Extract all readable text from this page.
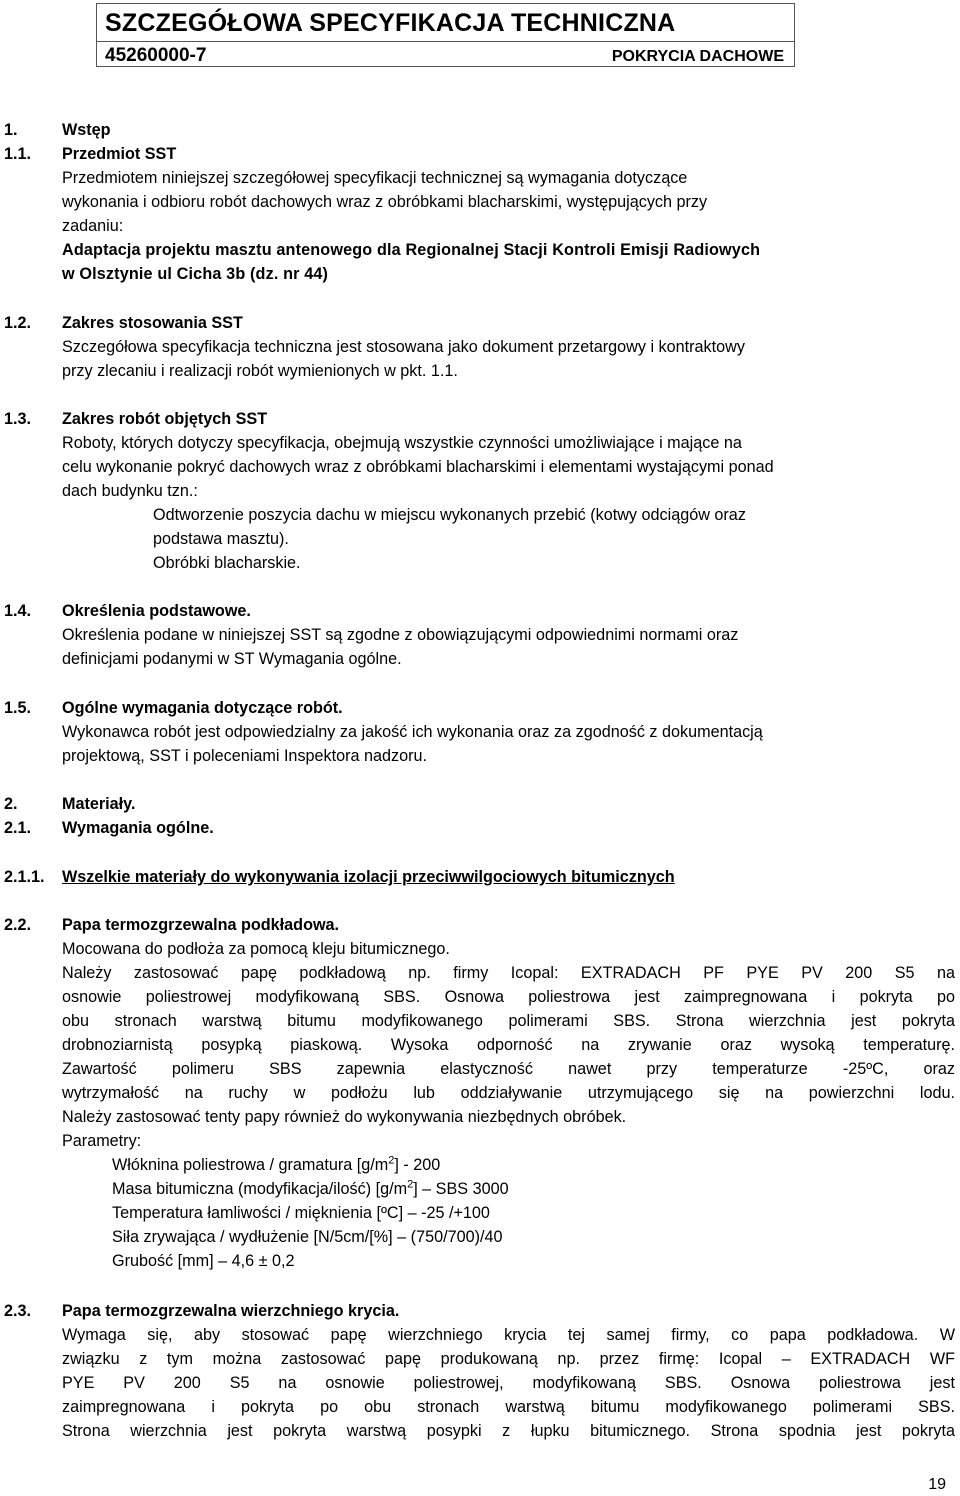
SZCZEGÓŁOWA SPECYFIKACJA TECHNICZNA
45260000-7	POKRYCIA DACHOWE
1.	Wstęp
1.1. Przedmiot SST
Przedmiotem niniejszej szczegółowej specyfikacji technicznej są wymagania dotyczące
wykonania i odbioru robót dachowych wraz z obróbkami blacharskimi, występujących przy
zadaniu:
Adaptacja projektu masztu antenowego dla Regionalnej Stacji Kontroli Emisji Radiowych
w Olsztynie ul Cicha 3b (dz. nr 44)
1.2. Zakres stosowania SST
Szczegółowa specyfikacja techniczna jest stosowana jako dokument przetargowy i kontraktowy
przy zlecaniu i realizacji robót wymienionych w pkt. 1.1.
1.3. Zakres robót objętych SST
Roboty, których dotyczy specyfikacja, obejmują wszystkie czynności umożliwiające i mające na
celu wykonanie pokryć dachowych wraz z obróbkami blacharskimi i elementami wystającymi ponad
dach budynku tzn.:
Odtworzenie poszycia dachu w miejscu wykonanych przebić (kotwy odciągów oraz
podstawa masztu).
Obróbki blacharskie.
1.4. Określenia podstawowe.
Określenia podane w niniejszej SST są zgodne z obowiązującymi odpowiednimi normami oraz
definicjami podanymi w ST Wymagania ogólne.
1.5. Ogólne wymagania dotyczące robót.
Wykonawca robót jest odpowiedzialny za jakość ich wykonania oraz za zgodność z dokumentacją
projektową, SST i poleceniami Inspektora nadzoru.
2.	Materiały.
2.1. Wymagania ogólne.
2.1.1. Wszelkie materiały do wykonywania izolacji przeciwwilgociowych bitumicznych
2.2. Papa termozgrzewalna podkładowa.
Mocowana do podłoża za pomocą kleju bitumicznego.
Należy zastosować papę podkładową np. firmy Icopal: EXTRADACH PF PYE PV 200 S5 na
osnowie poliestrowej modyfikowaną SBS. Osnowa poliestrowa jest zaimpregnowana i pokryta po
obu stronach warstwą bitumu modyfikowanego polimerami SBS. Strona wierzchnia jest pokryta
drobnoziarnistą posypką piaskową. Wysoka odporność na zrywanie oraz wysoką temperaturę.
Zawartość polimeru SBS zapewnia elastyczność nawet przy temperaturze -25ºC, oraz
wytrzymałość na ruchy w podłożu lub oddziaływanie utrzymującego się na powierzchni lodu.
Należy zastosować tenty papy również do wykonywania niezbędnych obróbek.
Parametry:
Włóknina poliestrowa / gramatura $[g/m^2] - 200$
Masa bitumiczna (modyfikacja/ilość) $[g/m^2]$ – SBS 3000
Temperatura łamliwości / mięknienia [ºC] – -25 /+100
Siła zrywająca / wydłużenie [N/5cm/[%] – (750/700)/40
Grubość [mm] – 4,6 ± 0,2
2.3. Papa termozgrzewalna wierzchniego krycia.
Wymaga się, aby stosować papę wierzchniego krycia tej samej firmy, co papa podkładowa. W
związku z tym można zastosować papę produkowaną np. przez firmę: Icopal – EXTRADACH WF
PYE PV 200 S5 na osnowie poliestrowej, modyfikowaną SBS. Osnowa poliestrowa jest
zaimpregnowana i pokryta po obu stronach warstwą bitumu modyfikowanego polimerami SBS.
Strona wierzchnia jest pokryta warstwą posypki z łupku bitumicznego. Strona spodnia jest pokryta
19
